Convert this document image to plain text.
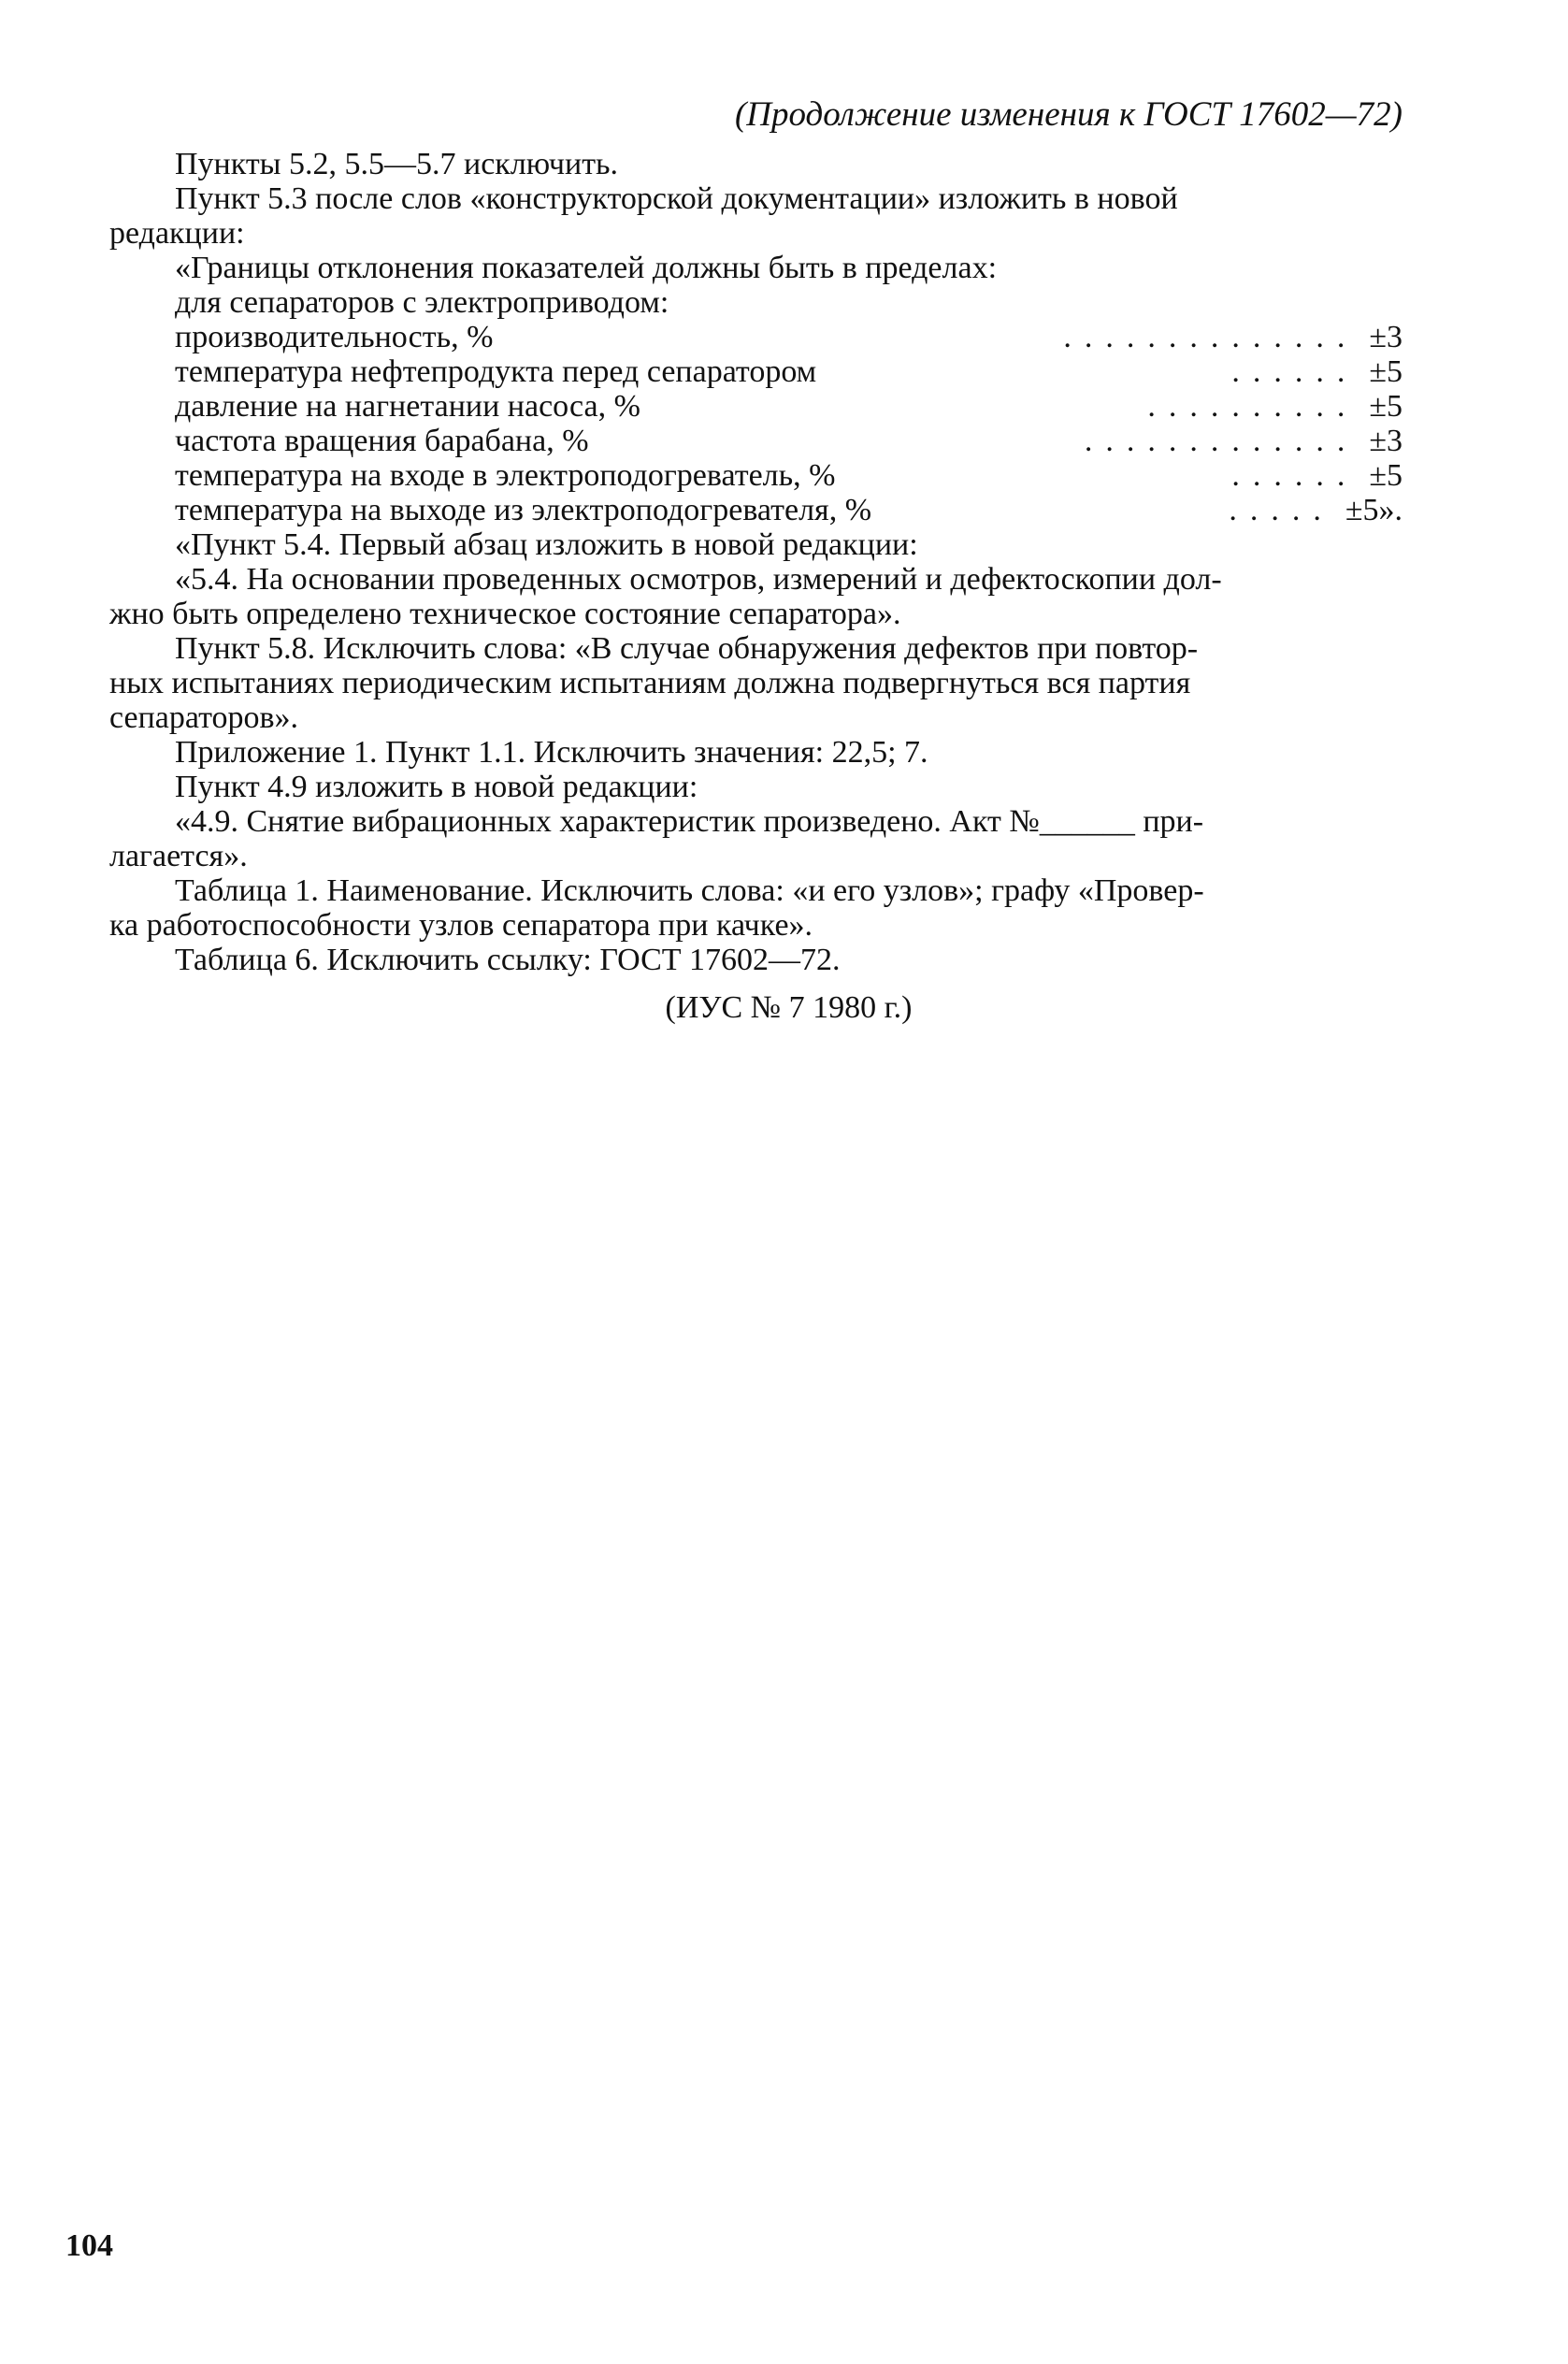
(Продолжение изменения к ГОСТ 17602—72)

Пункты 5.2, 5.5—5.7 исключить.

Пункт 5.3 после слов «конструкторской документации» изложить в новой

редакции:

«Границы отклонения показателей должны быть в пределах:

для сепараторов с электроприводом:

производительность, %	.............. ±3
температура нефтепродукта перед сепаратором	...... ±5
давление на нагнетании насоса, %	.......... ±5
частота вращения барабана, %	............. ±3
температура на входе в электроподогреватель, %	...... ±5
температура на выходе из электроподогревателя, %	..... ±5».

«Пункт 5.4. Первый абзац изложить в новой редакции:

«5.4. На основании проведенных осмотров, измерений и дефектоскопии дол-

жно быть определено техническое состояние сепаратора».

Пункт 5.8. Исключить слова: «В случае обнаружения дефектов при повтор-

ных испытаниях периодическим испытаниям должна подвергнуться вся партия

сепараторов».

Приложение 1. Пункт 1.1. Исключить значения: 22,5; 7.

Пункт 4.9 изложить в новой редакции:

«4.9. Снятие вибрационных характеристик произведено. Акт №______ при-

лагается».

Таблица 1. Наименование. Исключить слова: «и его узлов»; графу «Провер-

ка работоспособности узлов сепаратора при качке».

Таблица 6. Исключить ссылку: ГОСТ 17602—72.

(ИУС № 7 1980 г.)

104
